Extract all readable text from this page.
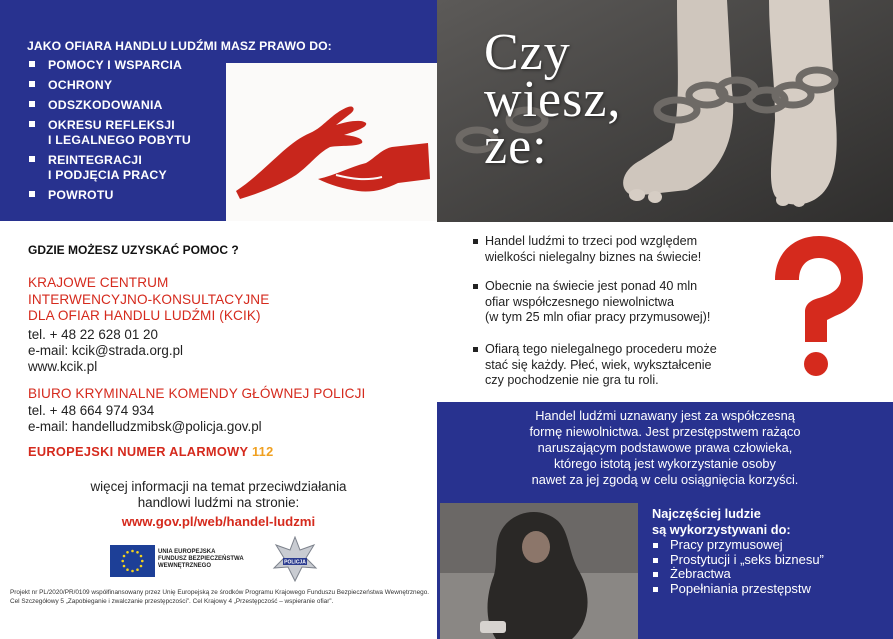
JAKO OFIARA HANDLU LUDŹMI MASZ PRAWO DO:
POMOCY I WSPARCIA
OCHRONY
ODSZKODOWANIA
OKRESU REFLEKSJI
I LEGALNEGO POBYTU
REINTEGRACJI
I PODJĘCIA PRACY
POWROTU
GDZIE MOŻESZ UZYSKAĆ POMOC ?
KRAJOWE CENTRUM
INTERWENCYJNO-KONSULTACYJNE
DLA OFIAR HANDLU LUDŹMI (KCIK)
tel. + 48 22 628 01 20
e-mail: kcik@strada.org.pl
www.kcik.pl
BIURO KRYMINALNE KOMENDY GŁÓWNEJ POLICJI
tel. + 48 664 974 934
e-mail: handelludzmibsk@policja.gov.pl
EUROPEJSKI NUMER ALARMOWY 112
więcej informacji na temat przeciwdziałania
handlowi ludźmi na stronie:
www.gov.pl/web/handel-ludzmi
UNIA EUROPEJSKA
FUNDUSZ BEZPIECZEŃSTWA
WEWNĘTRZNEGO
POLICJA
Projekt nr PL/2020/PR/0109 współfinansowany przez Unię Europejską ze środków Programu Krajowego Funduszu Bezpieczeństwa Wewnętrznego. Cel Szczegółowy 5 „Zapobieganie i zwalczanie przestępczości”. Cel Krajowy 4 „Przestępczość – wspieranie ofiar”.
Czy
wiesz,
że:
Handel ludźmi to trzeci pod względem
wielkości nielegalny biznes na świecie!
Obecnie na świecie jest ponad 40 mln
ofiar współczesnego niewolnictwa
(w tym 25 mln ofiar pracy przymusowej)!
Ofiarą tego nielegalnego procederu może
stać się każdy. Płeć, wiek, wykształcenie
czy pochodzenie nie gra tu roli.
Handel ludźmi uznawany jest za współczesną
formę niewolnictwa. Jest przestępstwem rażąco
naruszającym podstawowe prawa człowieka,
którego istotą jest wykorzystanie osoby
nawet za jej zgodą w celu osiągnięcia korzyści.
Najczęściej ludzie
są wykorzystywani do:
Pracy przymusowej
Prostytucji i „seks biznesu”
Żebractwa
Popełniania przestępstw
